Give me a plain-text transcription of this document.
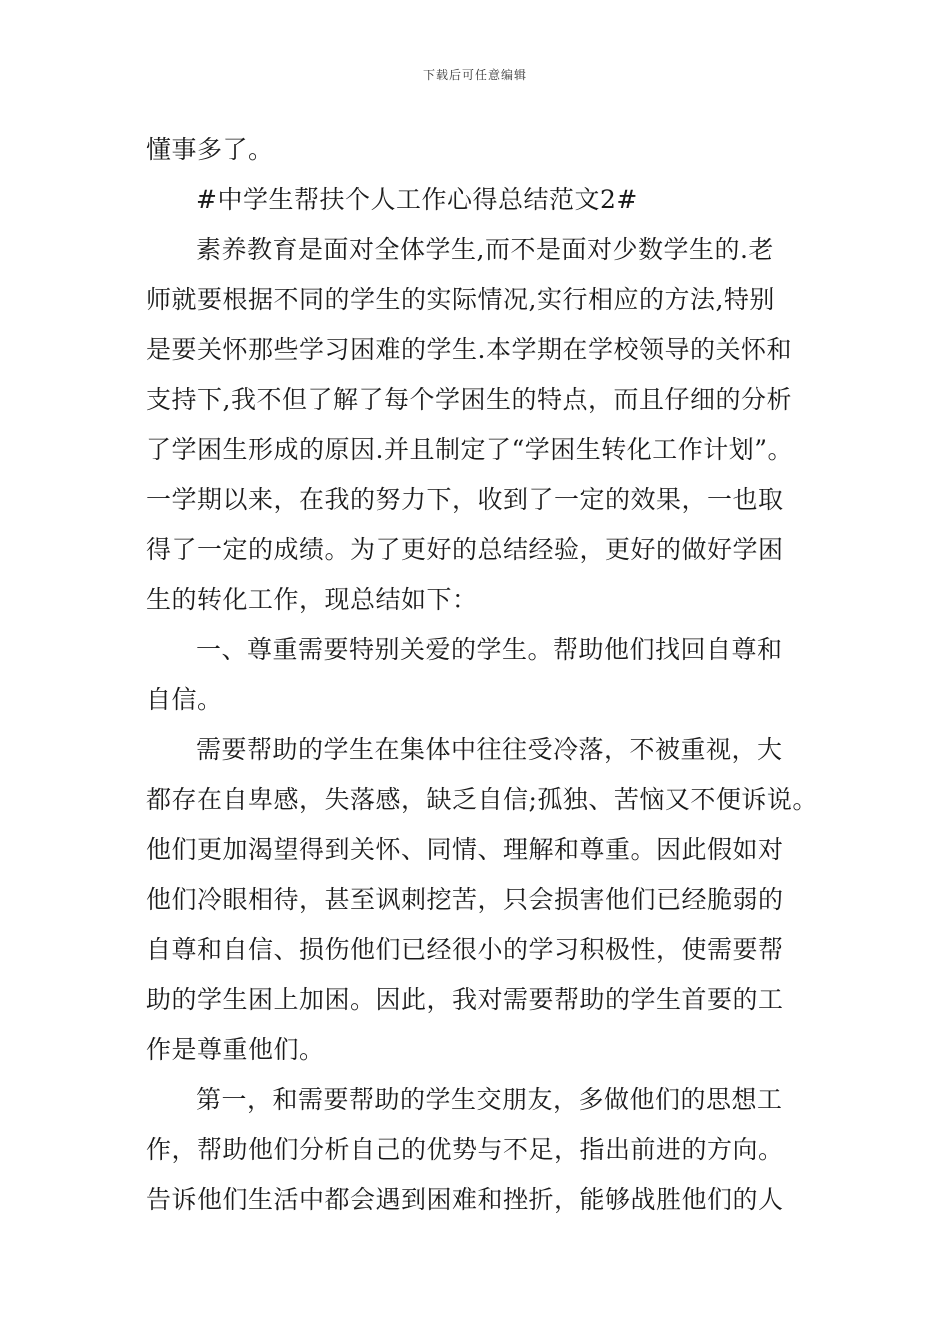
下载后可任意编辑
懂事多了。
#中学生帮扶个人工作心得总结范文2#
素养教育是面对全体学生,而不是面对少数学生的.老
师就要根据不同的学生的实际情况,实行相应的方法,特别
是要关怀那些学习困难的学生.本学期在学校领导的关怀和
支持下,我不但了解了每个学困生的特点，而且仔细的分析
了学困生形成的原因.并且制定了“学困生转化工作计划”。
一学期以来，在我的努力下，收到了一定的效果，一也取
得了一定的成绩。为了更好的总结经验，更好的做好学困
生的转化工作，现总结如下：
一、尊重需要特别关爱的学生。帮助他们找回自尊和
自信。
需要帮助的学生在集体中往往受冷落，不被重视，大
都存在自卑感，失落感，缺乏自信;孤独、苦恼又不便诉说。
他们更加渴望得到关怀、同情、理解和尊重。因此假如对
他们冷眼相待，甚至讽刺挖苦，只会损害他们已经脆弱的
自尊和自信、损伤他们已经很小的学习积极性，使需要帮
助的学生困上加困。因此，我对需要帮助的学生首要的工
作是尊重他们。
第一，和需要帮助的学生交朋友，多做他们的思想工
作，帮助他们分析自己的优势与不足，指出前进的方向。
告诉他们生活中都会遇到困难和挫折，能够战胜他们的人
